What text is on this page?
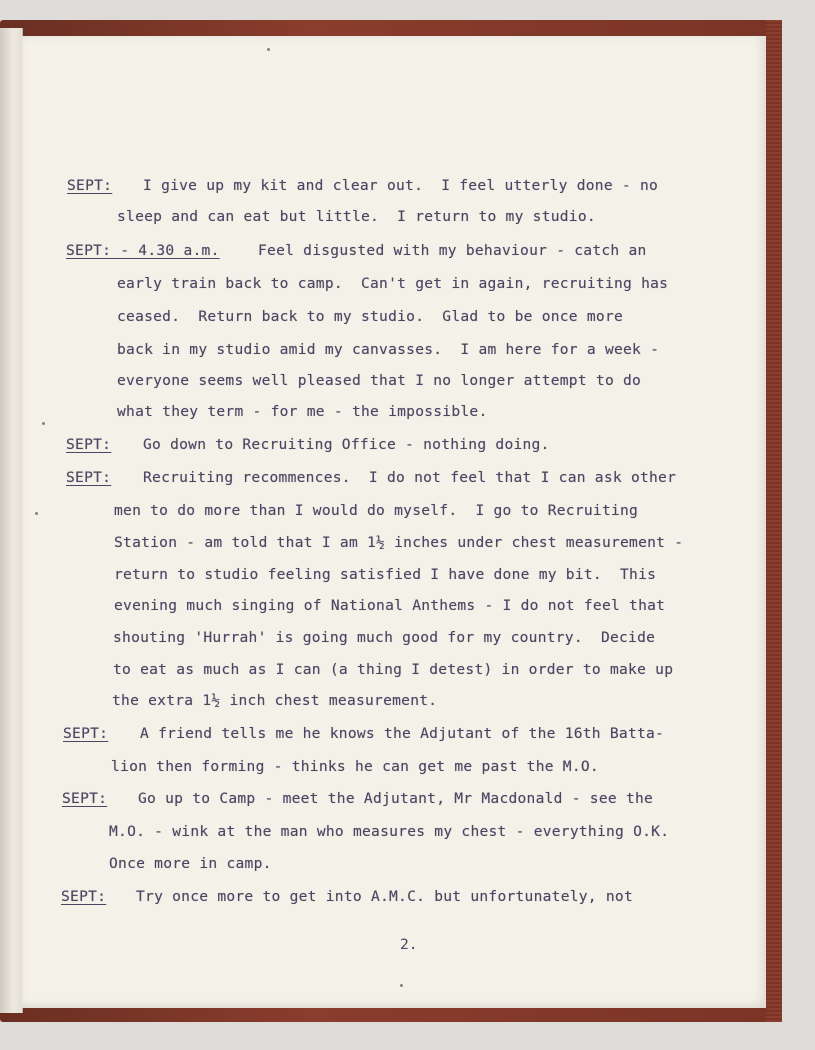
SEPT: I give up my kit and clear out.  I feel utterly done - no
sleep and can eat but little.  I return to my studio.
SEPT: - 4.30 a.m.	Feel disgusted with my behaviour - catch an
early train back to camp.  Can't get in again, recruiting has
ceased.  Return back to my studio.  Glad to be once more
back in my studio amid my canvasses.  I am here for a week -
everyone seems well pleased that I no longer attempt to do
what they term - for me - the impossible.
SEPT: Go down to Recruiting Office - nothing doing.
SEPT: Recruiting recommences.  I do not feel that I can ask other
men to do more than I would do myself.  I go to Recruiting
Station - am told that I am 1½ inches under chest measurement -
return to studio feeling satisfied I have done my bit.  This
evening much singing of National Anthems - I do not feel that
shouting 'Hurrah' is going much good for my country.  Decide
to eat as much as I can (a thing I detest) in order to make up
the extra 1½ inch chest measurement.
SEPT: A friend tells me he knows the Adjutant of the 16th Batta-
lion then forming - thinks he can get me past the M.O.
SEPT: Go up to Camp - meet the Adjutant, Mr Macdonald - see the
M.O. - wink at the man who measures my chest - everything O.K.
Once more in camp.
SEPT: Try once more to get into A.M.C. but unfortunately, not
2.
